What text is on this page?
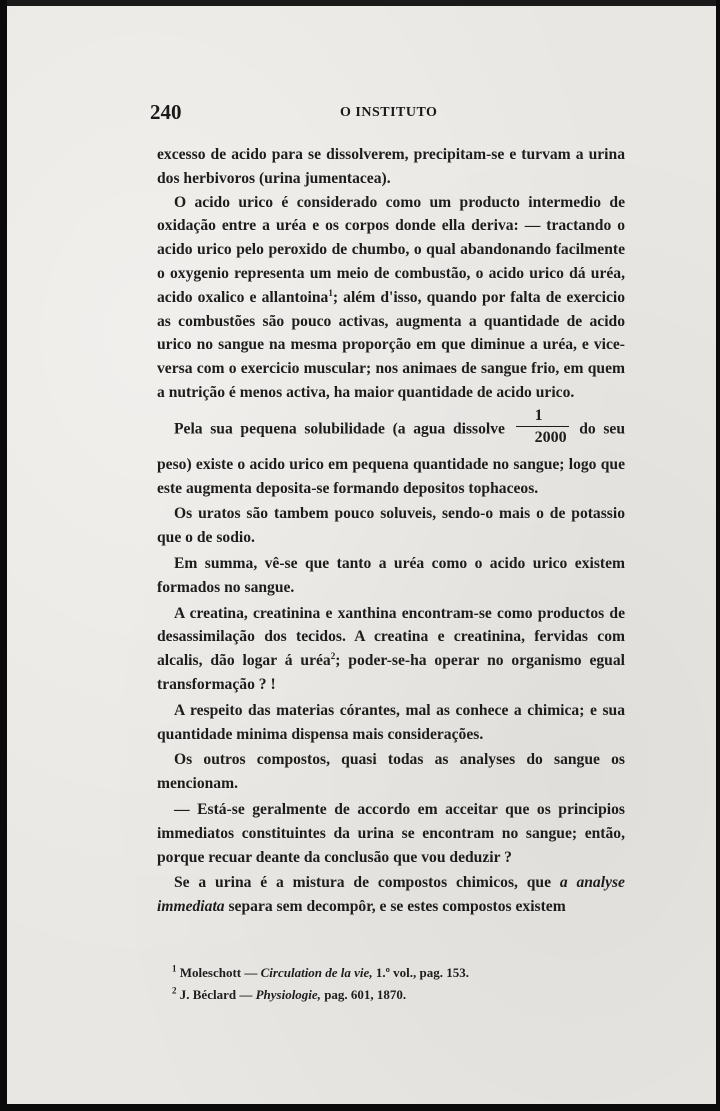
240	O INSTITUTO

excesso de acido para se dissolverem, precipitam-se e turvam a urina dos herbivoros (urina jumentacea).

O acido urico é considerado como um producto intermedio de oxidação entre a uréa e os corpos donde ella deriva: — tractando o acido urico pelo peroxido de chumbo, o qual abandonando facilmente o oxygenio representa um meio de combustão, o acido urico dá uréa, acido oxalico e allantoina$^1$; além d'isso, quando por falta de exercicio as combustões são pouco activas, augmenta a quantidade de acido urico no sangue na mesma proporção em que diminue a uréa, e vice-versa com o exercicio muscular; nos animaes de sangue frio, em quem a nutrição é menos activa, ha maior quantidade de acido urico.

Pela sua pequena solubilidade (a agua dissolve $\frac{1}{2000}$ do seu

peso) existe o acido urico em pequena quantidade no sangue; logo que este augmenta deposita-se formando depositos tophaceos.

Os uratos são tambem pouco soluveis, sendo-o mais o de potassio que o de sodio.

Em summa, vê-se que tanto a uréa como o acido urico existem formados no sangue.

A creatina, creatinina e xanthina encontram-se como productos de desassimilação dos tecidos. A creatina e creatinina, fervidas com alcalis, dão logar á uréa$^2$; poder-se-ha operar no organismo egual transformação ? !

A respeito das materias córantes, mal as conhece a chimica; e sua quantidade minima dispensa mais considerações.

Os outros compostos, quasi todas as analyses do sangue os mencionam.

— Está-se geralmente de accordo em acceitar que os principios immediatos constituintes da urina se encontram no sangue; então, porque recuar deante da conclusão que vou deduzir ?

Se a urina é a mistura de compostos chimicos, que a analyse immediata separa sem decompôr, e se estes compostos existem

$^1$ Moleschott — Circulation de la vie, 1.º vol., pag. 153.

$^2$ J. Béclard — Physiologie, pag. 601, 1870.
